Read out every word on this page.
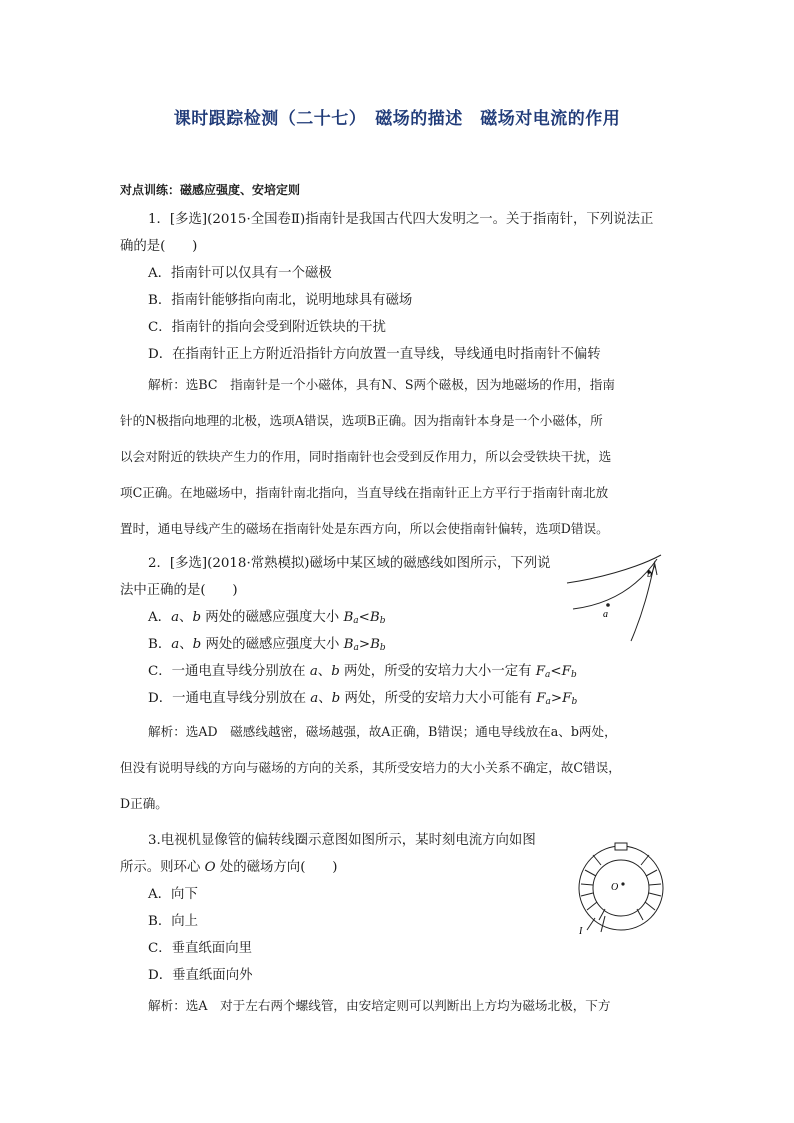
课时跟踪检测（二十七）　磁场的描述　磁场对电流的作用
对点训练：磁感应强度、安培定则
1．[多选](2015·全国卷Ⅱ)指南针是我国古代四大发明之一。关于指南针，下列说法正
确的是(　　)
A．指南针可以仅具有一个磁极
B．指南针能够指向南北，说明地球具有磁场
C．指南针的指向会受到附近铁块的干扰
D．在指南针正上方附近沿指针方向放置一直导线，导线通电时指南针不偏转
解析：选BC　指南针是一个小磁体，具有N、S两个磁极，因为地磁场的作用，指南
针的N极指向地理的北极，选项A错误，选项B正确。因为指南针本身是一个小磁体，所
以会对附近的铁块产生力的作用，同时指南针也会受到反作用力，所以会受铁块干扰，选
项C正确。在地磁场中，指南针南北指向，当直导线在指南针正上方平行于指南针南北放
置时，通电导线产生的磁场在指南针处是东西方向，所以会使指南针偏转，选项D错误。
2．[多选](2018·常熟模拟)磁场中某区域的磁感线如图所示，下列说
法中正确的是(　　)
A．a、b 两处的磁感应强度大小 $B_a<B_b$
B．a、b 两处的磁感应强度大小 $B_a>B_b$
C．一通电直导线分别放在 a、b 两处，所受的安培力大小一定有 $F_a<F_b$
D．一通电直导线分别放在 a、b 两处，所受的安培力大小可能有 $F_a>F_b$
解析：选AD　磁感线越密，磁场越强，故A正确，B错误；通电导线放在a、b两处，
但没有说明导线的方向与磁场的方向的关系，其所受安培力的大小关系不确定，故C错误，
D正确。
a
b
3.电视机显像管的偏转线圈示意图如图所示，某时刻电流方向如图
所示。则环心 O 处的磁场方向(　　)
A．向下
B．向上
C．垂直纸面向里
D．垂直纸面向外
解析：选A　对于左右两个螺线管，由安培定则可以判断出上方均为磁场北极，下方
O
I
